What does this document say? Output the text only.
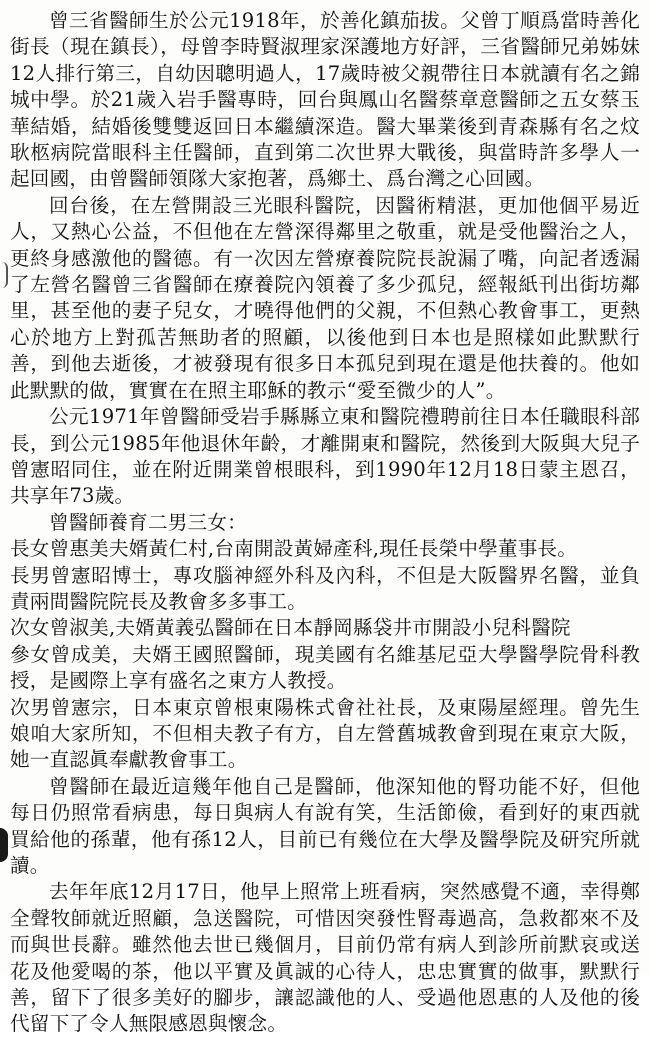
曾三省醫師生於公元1918年，於善化鎮茄拔。父曾丁順爲當時善化街長（現在鎮長），母曾李時賢淑理家深護地方好評，三省醫師兄弟姊妹12人排行第三，自幼因聰明過人，17歲時被父親帶往日本就讀有名之錦城中學。於21歲入岩手醫專時，回台與鳳山名醫蔡章意醫師之五女蔡玉華結婚，結婚後雙雙返回日本繼續深造。醫大畢業後到青森縣有名之炆耿柩病院當眼科主任醫師，直到第二次世界大戰後，與當時許多學人一起回國，由曾醫師領隊大家抱著，爲鄉土、爲台灣之心回國。

回台後，在左營開設三光眼科醫院，因醫術精湛，更加他個平易近人，又熱心公益，不但他在左營深得鄰里之敬重，就是受他醫治之人，更終身感激他的醫德。有一次因左營療養院院長說漏了嘴，向記者透漏了左營名醫曾三省醫師在療養院內領養了多少孤兒，經報紙刊出街坊鄰里，甚至他的妻子兒女，才曉得他們的父親，不但熱心教會事工，更熱心於地方上對孤苦無助者的照顧，以後他到日本也是照樣如此默默行善，到他去逝後，才被發現有很多日本孤兒到現在還是他扶養的。他如此默默的做，實實在在照主耶穌的教示“愛至微少的人”。

公元1971年曾醫師受岩手縣縣立東和醫院禮聘前往日本任職眼科部長，到公元1985年他退休年齡，才離開東和醫院，然後到大阪與大兒子曾憲昭同住，並在附近開業曾根眼科，到1990年12月18日蒙主恩召，共享年73歲。

曾醫師養育二男三女：

長女曾惠美夫婿黃仁村,台南開設黃婦產科,現任長榮中學董事長。

長男曾憲昭博士，專攻腦神經外科及內科，不但是大阪醫界名醫，並負責兩間醫院院長及教會多多事工。

次女曾淑美,夫婿黃義弘醫師在日本靜岡縣袋井市開設小兒科醫院

參女曾成美，夫婿王國照醫師，現美國有名維基尼亞大學醫學院骨科教授，是國際上享有盛名之東方人教授。

次男曾憲宗，日本東京曾根東陽株式會社社長，及東陽屋經理。曾先生娘咱大家所知，不但相夫教子有方，自左營舊城教會到現在東京大阪，她一直認眞奉獻教會事工。

曾醫師在最近這幾年他自己是醫師，他深知他的腎功能不好，但他每日仍照常看病患，每日與病人有說有笑，生活節儉，看到好的東西就買給他的孫輩，他有孫12人，目前已有幾位在大學及醫學院及研究所就讀。

去年年底12月17日，他早上照常上班看病，突然感覺不適，幸得鄭全聲牧師就近照顧，急送醫院，可惜因突發性腎毒過高，急救都來不及而與世長辭。雖然他去世已幾個月，目前仍常有病人到診所前默哀或送花及他愛喝的茶，他以平實及眞誠的心待人，忠忠實實的做事，默默行善，留下了很多美好的腳步，讓認識他的人、受過他恩惠的人及他的後代留下了令人無限感恩與懷念。
